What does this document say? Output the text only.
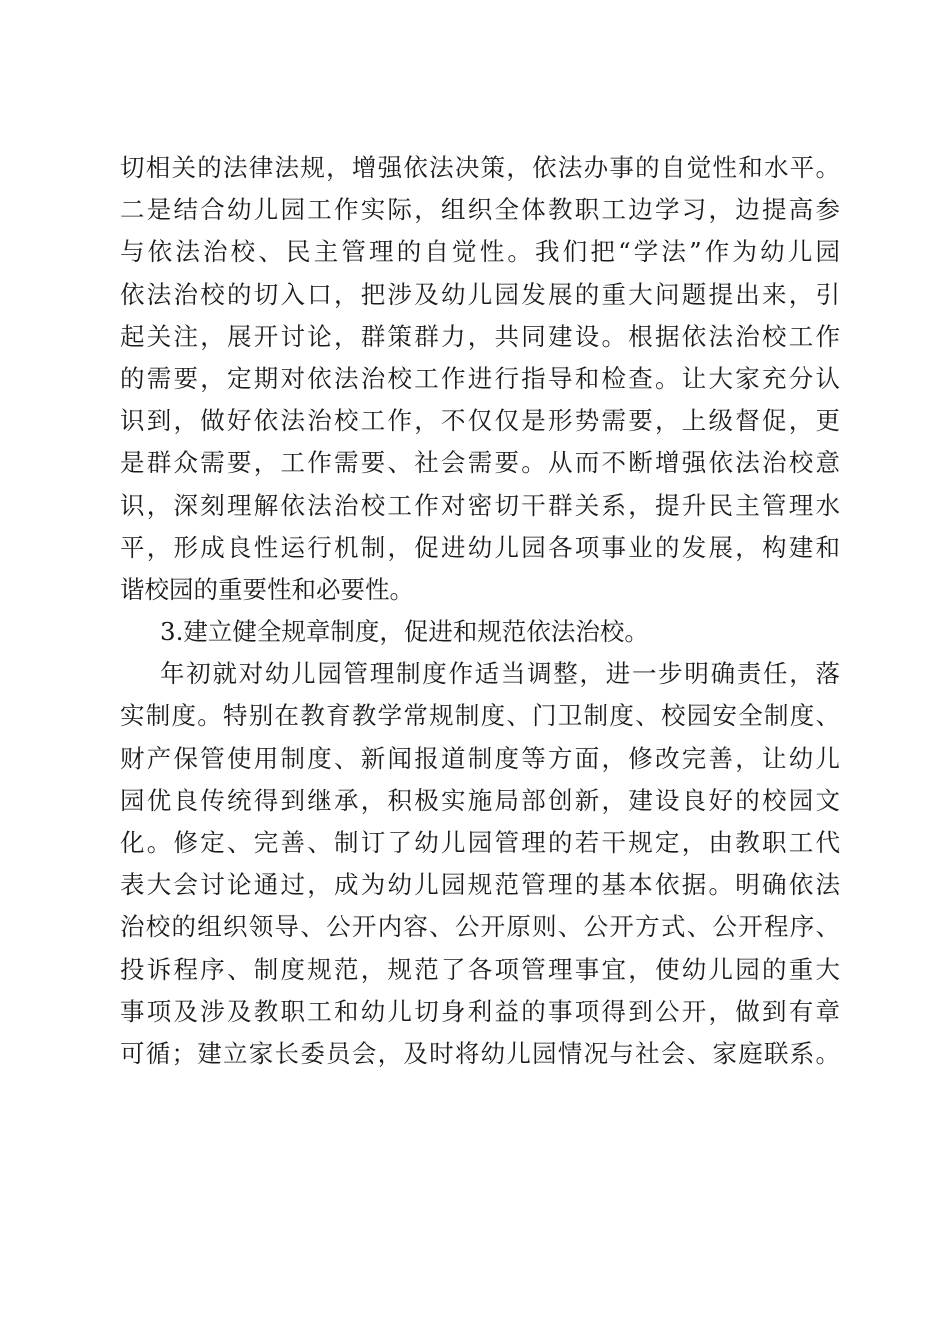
切相关的法律法规，增强依法决策，依法办事的自觉性和水平。
二是结合幼儿园工作实际，组织全体教职工边学习，边提高参
与依法治校、民主管理的自觉性。我们把“学法”作为幼儿园
依法治校的切入口，把涉及幼儿园发展的重大问题提出来，引
起关注，展开讨论，群策群力，共同建设。根据依法治校工作
的需要，定期对依法治校工作进行指导和检查。让大家充分认
识到，做好依法治校工作，不仅仅是形势需要，上级督促，更
是群众需要，工作需要、社会需要。从而不断增强依法治校意
识，深刻理解依法治校工作对密切干群关系，提升民主管理水
平，形成良性运行机制，促进幼儿园各项事业的发展，构建和
谐校园的重要性和必要性。
3.建立健全规章制度，促进和规范依法治校。
年初就对幼儿园管理制度作适当调整，进一步明确责任，落
实制度。特别在教育教学常规制度、门卫制度、校园安全制度、
财产保管使用制度、新闻报道制度等方面，修改完善，让幼儿
园优良传统得到继承，积极实施局部创新，建设良好的校园文
化。修定、完善、制订了幼儿园管理的若干规定，由教职工代
表大会讨论通过，成为幼儿园规范管理的基本依据。明确依法
治校的组织领导、公开内容、公开原则、公开方式、公开程序、
投诉程序、制度规范，规范了各项管理事宜，使幼儿园的重大
事项及涉及教职工和幼儿切身利益的事项得到公开，做到有章
可循；建立家长委员会，及时将幼儿园情况与社会、家庭联系。
